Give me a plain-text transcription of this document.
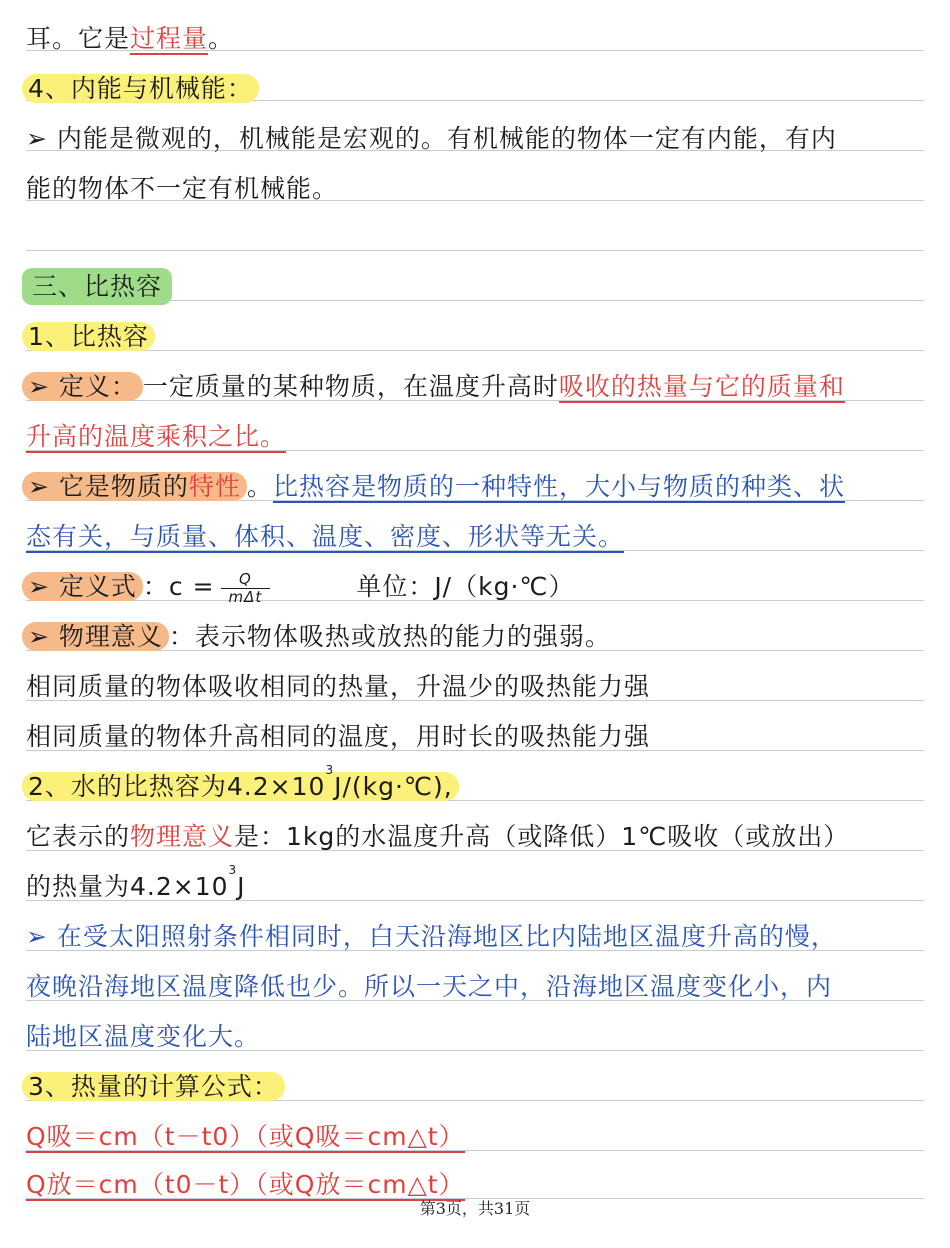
耳。它是过程量。
4、内能与机械能：
➢ 内能是微观的，机械能是宏观的。有机械能的物体一定有内能，有内
能的物体不一定有机械能。
三、比热容
1、比热容
➢ 定义： 一定质量的某种物质，在温度升高时吸收的热量与它的质量和
升高的温度乘积之比。
➢ 它是物质的特性 。比热容是物质的一种特性，大小与物质的种类、状
态有关，与质量、体积、温度、密度、形状等无关。
➢ 定义式 ：$c = \frac{Q}{\text{mΔt}}$	单位：J/（kg·℃）
➢ 物理意义 ：表示物体吸热或放热的能力的强弱。
相同质量的物体吸收相同的热量，升温少的吸热能力强
相同质量的物体升高相同的温度，用时长的吸热能力强
2、水的比热容为$4.2\times 10^3J/(kg\cdot℃)$,
它表示的物理意义是：1kg的水温度升高（或降低）1℃吸收（或放出）
的热量为$4.2\times 10^3J$
➢ 在受太阳照射条件相同时，白天沿海地区比内陆地区温度升高的慢，
夜晚沿海地区温度降低也少。所以一天之中，沿海地区温度变化小，内
陆地区温度变化大。
3、热量的计算公式：
Q吸＝cm（t－t0）（或Q吸＝cm△t）
Q放＝cm（t0－t）（或Q放＝cm△t）
第3页，共31页
